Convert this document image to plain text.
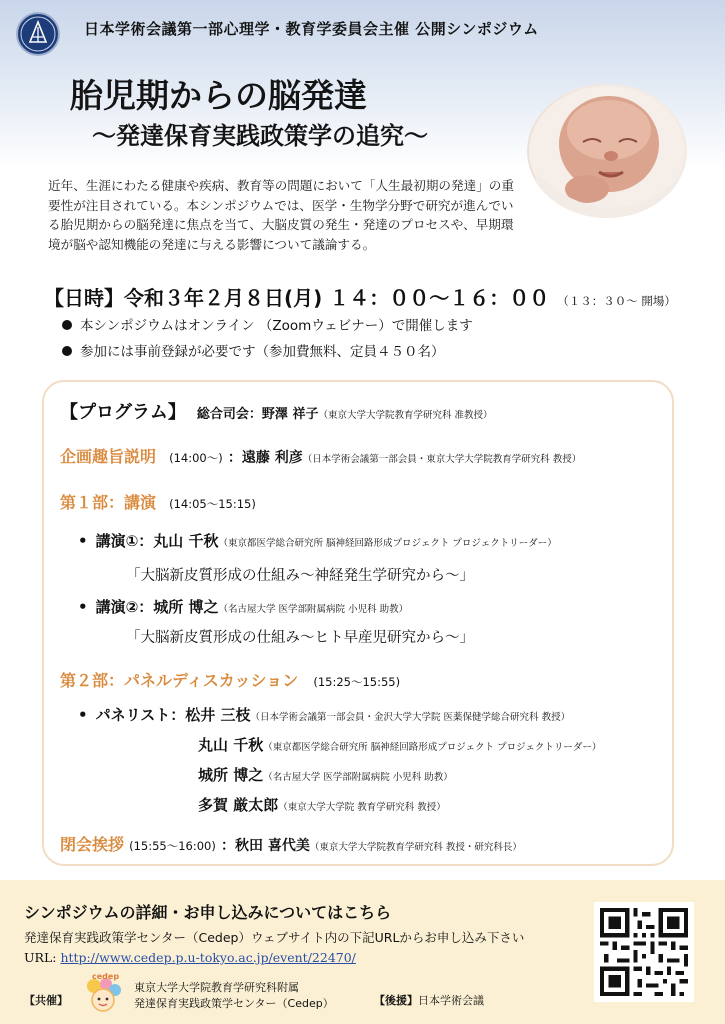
日本学術会議第一部心理学・教育学委員会主催 公開シンポジウム
胎児期からの脳発達
～発達保育実践政策学の追究～
近年、生涯にわたる健康や疾病、教育等の問題において「人生最初期の発達」の重要性が注目されている。本シンポジウムでは、医学・生物学分野で研究が進んでいる胎児期からの脳発達に焦点を当て、大脳皮質の発生・発達のプロセスや、早期環境が脳や認知機能の発達に与える影響について議論する。
【日時】令和３年２月８日(月) １４：００～１６：００ （１３：３０～ 開場）
本シンポジウムはオンライン （Zoomウェビナー）で開催します
参加には事前登録が必要です（参加費無料、定員４５０名）
【プログラム】 総合司会：野澤 祥子（東京大学大学院教育学研究科 准教授）
企画趣旨説明 (14:00～) ：遠藤 利彦（日本学術会議第一部会員・東京大学大学院教育学研究科 教授）
第１部：講演 (14:05～15:15)
• 講演①：丸山 千秋（東京都医学総合研究所 脳神経回路形成プロジェクト プロジェクトリーダー）
「大脳新皮質形成の仕組み～神経発生学研究から～」
• 講演②：城所 博之（名古屋大学 医学部附属病院 小児科 助教）
「大脳新皮質形成の仕組み～ヒト早産児研究から～」
第２部：パネルディスカッション (15:25～15:55)
• パネリスト：松井 三枝（日本学術会議第一部会員・金沢大学大学院 医薬保健学総合研究科 教授）
丸山 千秋（東京都医学総合研究所 脳神経回路形成プロジェクト プロジェクトリーダー）
城所 博之（名古屋大学 医学部附属病院 小児科 助教）
多賀 厳太郎（東京大学大学院 教育学研究科 教授）
閉会挨拶 (15:55～16:00) ：秋田 喜代美（東京大学大学院教育学研究科 教授・研究科長）
シンポジウムの詳細・お申し込みについてはこちら
発達保育実践政策学センター（Cedep）ウェブサイト内の下記URLからお申し込み下さい
URL: http://www.cedep.p.u-tokyo.ac.jp/event/22470/
【共催】
cedep
東京大学大学院教育学研究科附属
発達保育実践政策学センター（Cedep）	【後援】日本学術会議
